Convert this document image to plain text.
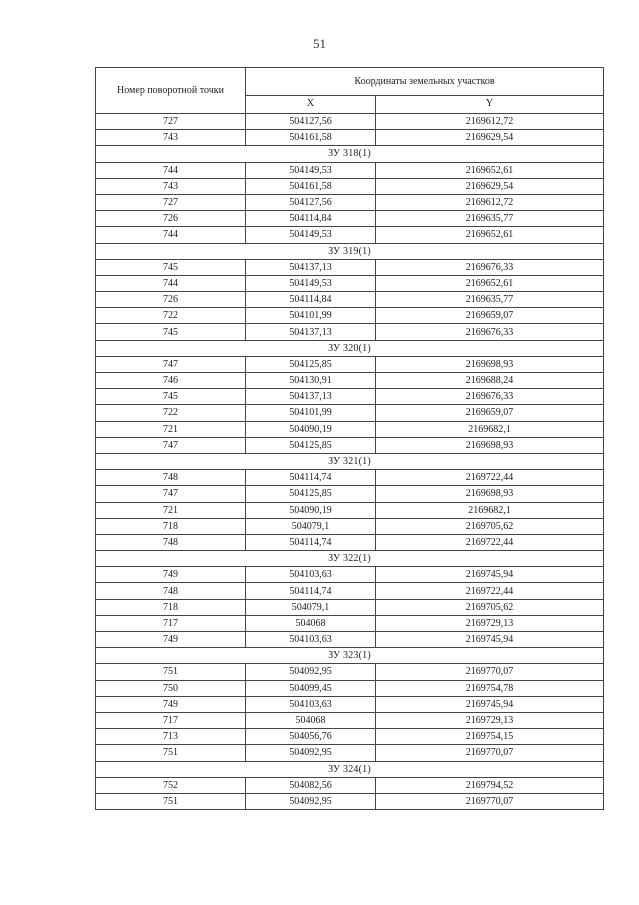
51
Номер поворотной точки	Координаты земельных участков	
	X	Y
727	504127,56	2169612,72
743	504161,58	2169629,54
ЗУ 318(1)		
744	504149,53	2169652,61
743	504161,58	2169629,54
727	504127,56	2169612,72
726	504114,84	2169635,77
744	504149,53	2169652,61
ЗУ 319(1)		
745	504137,13	2169676,33
744	504149,53	2169652,61
726	504114,84	2169635,77
722	504101,99	2169659,07
745	504137,13	2169676,33
ЗУ 320(1)		
747	504125,85	2169698,93
746	504130,91	2169688,24
745	504137,13	2169676,33
722	504101,99	2169659,07
721	504090,19	2169682,1
747	504125,85	2169698,93
ЗУ 321(1)		
748	504114,74	2169722,44
747	504125,85	2169698,93
721	504090,19	2169682,1
718	504079,1	2169705,62
748	504114,74	2169722,44
ЗУ 322(1)		
749	504103,63	2169745,94
748	504114,74	2169722,44
718	504079,1	2169705,62
717	504068	2169729,13
749	504103,63	2169745,94
ЗУ 323(1)		
751	504092,95	2169770,07
750	504099,45	2169754,78
749	504103,63	2169745,94
717	504068	2169729,13
713	504056,76	2169754,15
751	504092,95	2169770,07
ЗУ 324(1)		
752	504082,56	2169794,52
751	504092,95	2169770,07
